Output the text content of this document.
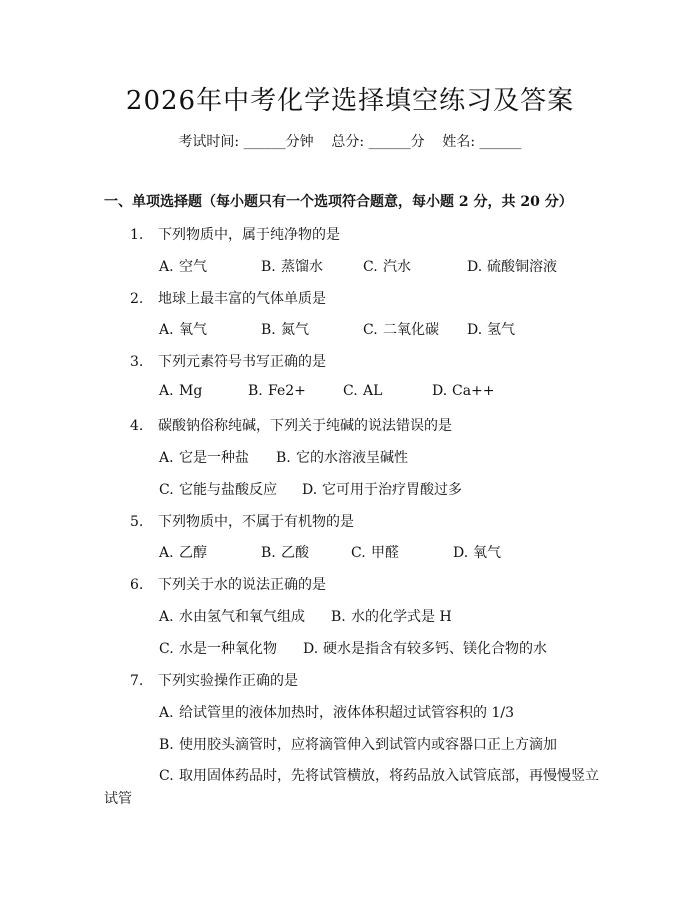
2026年中考化学选择填空练习及答案
考试时间: ______分钟    总分: ______分    姓名: ______
一、单项选择题（每小题只有一个选项符合题意，每小题 2 分，共 20 分）
1. 下列物质中，属于纯净物的是
A. 空气	B. 蒸馏水	C. 汽水	D. 硫酸铜溶液
2. 地球上最丰富的气体单质是
A. 氧气	B. 氮气	C. 二氧化碳 D. 氢气
3. 下列元素符号书写正确的是
A. Mg	B. Fe2+	C. AL	D. Ca++
4. 碳酸钠俗称纯碱，下列关于纯碱的说法错误的是
A. 它是一种盐 B. 它的水溶液呈碱性
C. 它能与盐酸反应 D. 它可用于治疗胃酸过多
5. 下列物质中，不属于有机物的是
A. 乙醇	B. 乙酸	C. 甲醛	D. 氧气
6. 下列关于水的说法正确的是
A. 水由氢气和氧气组成 B. 水的化学式是 H
C. 水是一种氧化物 D. 硬水是指含有较多钙、镁化合物的水
7. 下列实验操作正确的是
A. 给试管里的液体加热时，液体体积超过试管容积的 1/3
B. 使用胶头滴管时，应将滴管伸入到试管内或容器口正上方滴加
C. 取用固体药品时，先将试管横放，将药品放入试管底部，再慢慢竖立
试管
